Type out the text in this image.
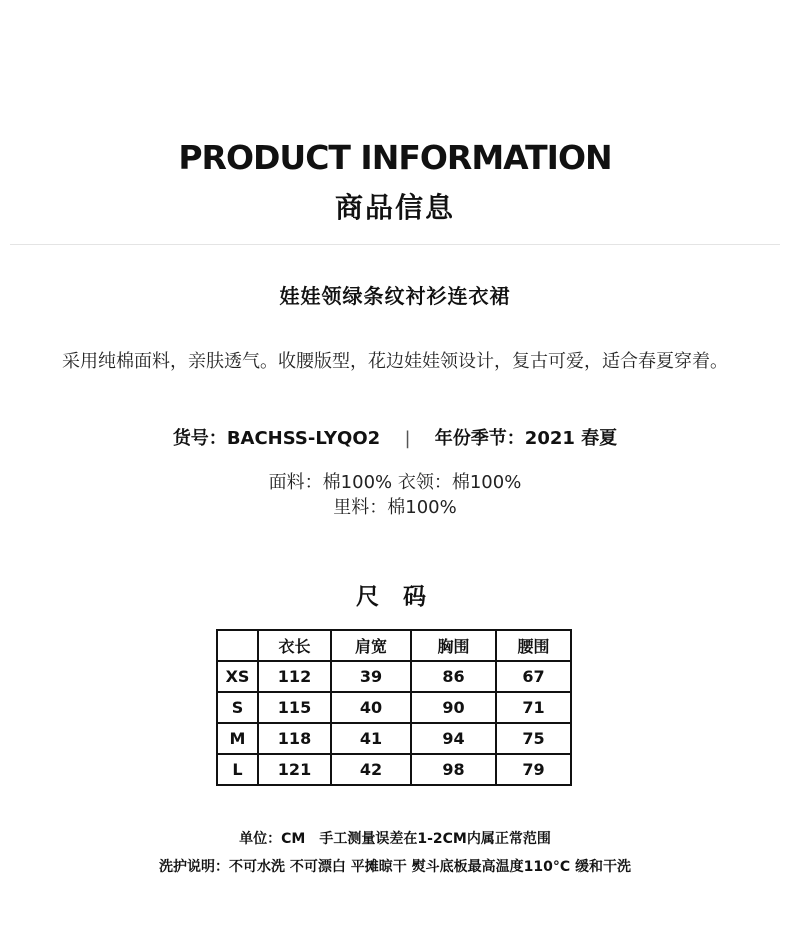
PRODUCT INFORMATION
商品信息
娃娃领绿条纹衬衫连衣裙
采用纯棉面料，亲肤透气。收腰版型，花边娃娃领设计，复古可爱，适合春夏穿着。
货号：BACHSS-LYQO2 | 年份季节：2021 春夏
面料：棉100% 衣领：棉100%
里料：棉100%
尺 码
	衣长	肩宽	胸围	腰围
XS	112	39	86	67
S	115	40	90	71
M	118	41	94	75
L	121	42	98	79
单位：CM 手工测量误差在1-2CM内属正常范围
洗护说明：不可水洗 不可漂白 平摊晾干 熨斗底板最高温度110°C 缓和干洗
